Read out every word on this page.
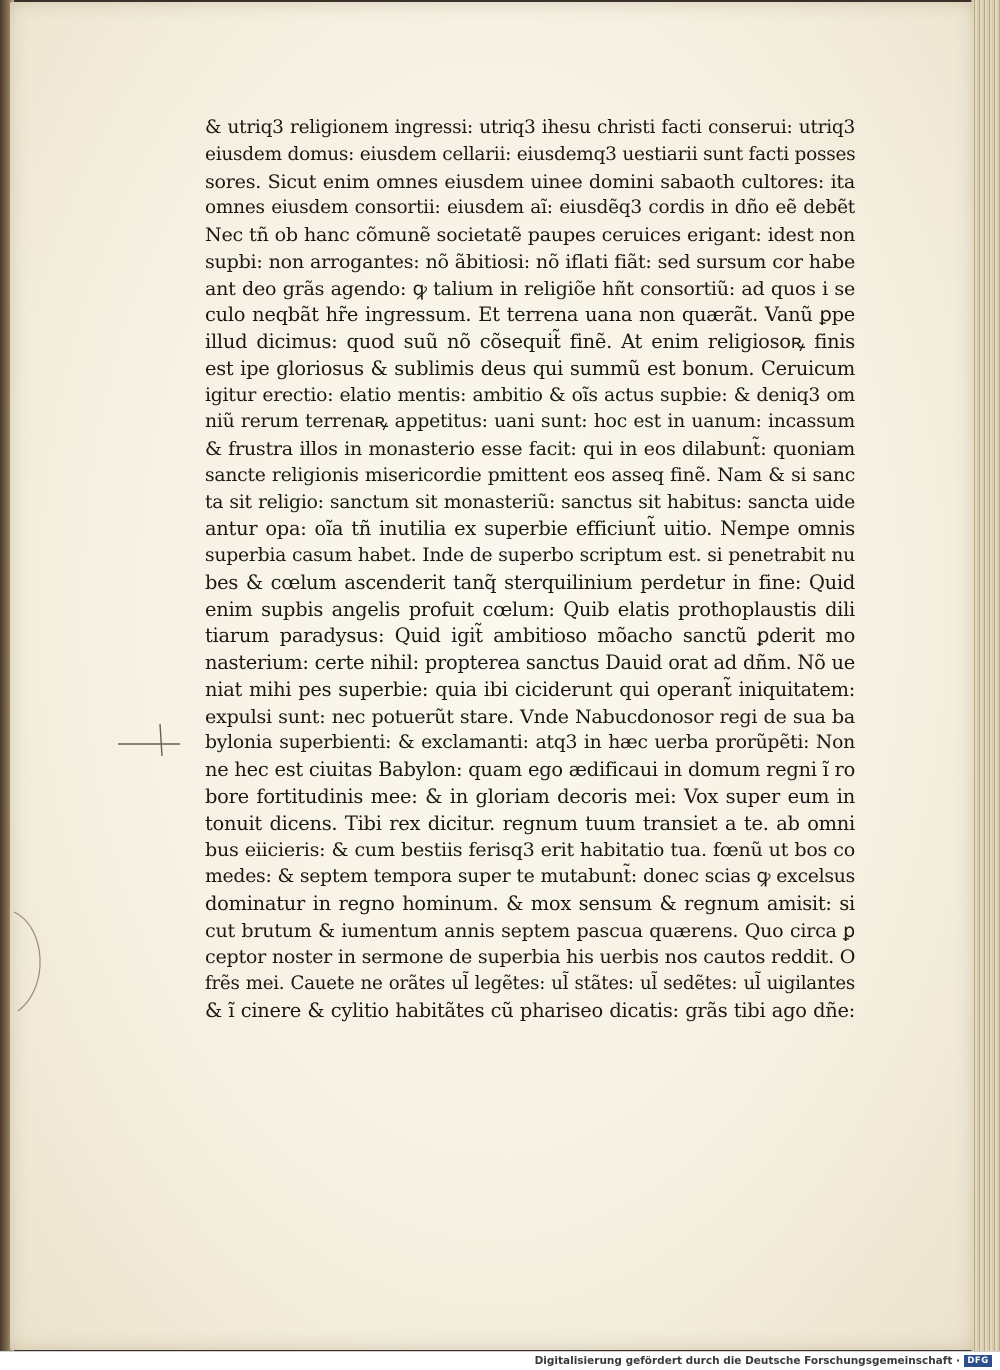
& utriq3 religionem ingressi: utriq3 ihesu christi facti conserui: utriq3
eiusdem domus: eiusdem cellarii: eiusdemq3 uestiarii sunt facti posses
sores. Sicut enim omnes eiusdem uinee domini sabaoth cultores: ita
omnes eiusdem consortii: eiusdem aĩ: eiusdẽq3 cordis in dño eẽ debẽt
Nec tñ ob hanc cõmunẽ societatẽ paupes ceruices erigant: idest non
supbi: non arrogantes: nõ ãbitiosi: nõ iflati fiãt: sed sursum cor habe
ant deo grãs agendo: ꝙ talium in religiõe hñt consortiũ: ad quos i se
culo neqbãt hr̃e ingressum. Et terrena uana non quærãt. Vanũ ꝑpe
illud dicimus: quod suũ nõ cõsequit̃ finẽ. At enim religiosoꝶ finis
est ipe gloriosus & sublimis deus qui summũ est bonum. Ceruicum
igitur erectio: elatio mentis: ambitio & oĩs actus supbie: & deniq3 om
niũ rerum terrenaꝶ appetitus: uani sunt: hoc est in uanum: incassum
& frustra illos in monasterio esse facit: qui in eos dilabunt̃: quoniam
sancte religionis misericordie pmittent eos asseq finẽ. Nam & si sanc
ta sit religio: sanctum sit monasteriũ: sanctus sit habitus: sancta uide
antur opa: oĩa tñ inutilia ex superbie efficiunt̃ uitio. Nempe omnis
superbia casum habet. Inde de superbo scriptum est. si penetrabit nu
bes & cœlum ascenderit tanq̃ sterquilinium perdetur in fine: Quid
enim supbis angelis profuit cœlum: Quib elatis prothoplaustis dili
tiarum paradysus: Quid igit̃ ambitioso mõacho sanctũ ꝑderit mo
nasterium: certe nihil: propterea sanctus Dauid orat ad dñm. Nõ ue
niat mihi pes superbie: quia ibi ciciderunt qui operant̃ iniquitatem:
expulsi sunt: nec potuerũt stare. Vnde Nabucdonosor regi de sua ba
bylonia superbienti: & exclamanti: atq3 in hæc uerba prorũpẽti: Non
ne hec est ciuitas Babylon: quam ego ædificaui in domum regni ĩ ro
bore fortitudinis mee: & in gloriam decoris mei: Vox super eum in
tonuit dicens. Tibi rex dicitur. regnum tuum transiet a te. ab omni
bus eiicieris: & cum bestiis ferisq3 erit habitatio tua. fœnũ ut bos co
medes: & septem tempora super te mutabunt̃: donec scias ꝙ excelsus
dominatur in regno hominum. & mox sensum & regnum amisit: si
cut brutum & iumentum annis septem pascua quærens. Quo circa ꝑ
ceptor noster in sermone de superbia his uerbis nos cautos reddit. O
frẽs mei. Cauete ne orãtes ul̃ legẽtes: ul̃ stãtes: ul̃ sedẽtes: ul̃ uigilantes
& ĩ cinere & cylitio habitãtes cũ phariseo dicatis: grãs tibi ago dñe:
Digitalisierung gefördert durch die Deutsche Forschungsgemeinschaft · DFG
